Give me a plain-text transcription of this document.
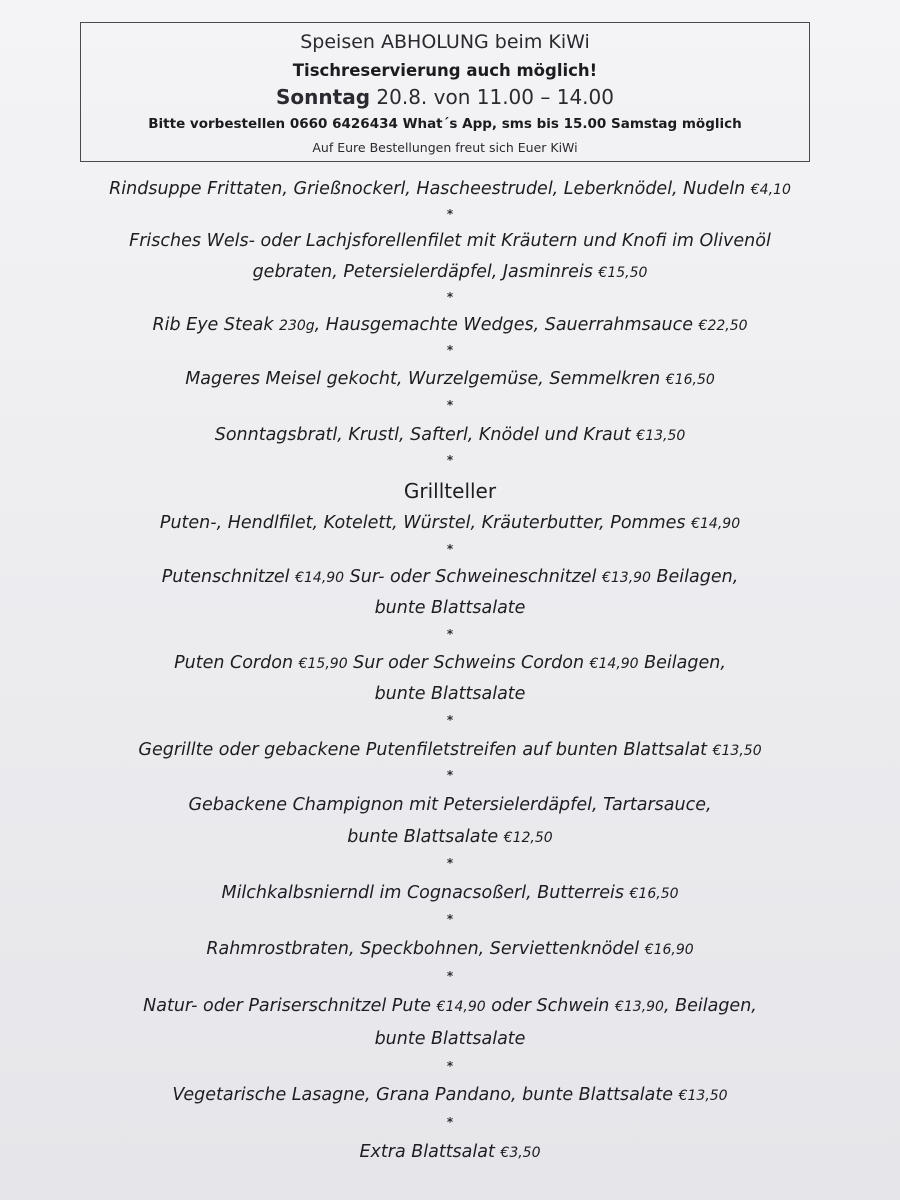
Speisen ABHOLUNG beim KiWi
Tischreservierung auch möglich!
Sonntag 20.8. von 11.00 – 14.00
Bitte vorbestellen 0660 6426434 What´s App, sms bis 15.00 Samstag möglich
Auf Eure Bestellungen freut sich Euer KiWi
Rindsuppe Frittaten, Grießnockerl, Hascheestrudel, Leberknödel, Nudeln €4,10
*
Frisches Wels- oder Lachjsforellenfilet mit Kräutern und Knofi im Olivenöl
gebraten, Petersielerdäpfel, Jasminreis €15,50
*
Rib Eye Steak 230g, Hausgemachte Wedges, Sauerrahmsauce €22,50
*
Mageres Meisel gekocht, Wurzelgemüse, Semmelkren €16,50
*
Sonntagsbratl, Krustl, Safterl, Knödel und Kraut €13,50
*
Grillteller
Puten-, Hendlfilet, Kotelett, Würstel, Kräuterbutter, Pommes €14,90
*
Putenschnitzel €14,90 Sur- oder Schweineschnitzel €13,90 Beilagen,
bunte Blattsalate
*
Puten Cordon €15,90 Sur oder Schweins Cordon €14,90 Beilagen,
bunte Blattsalate
*
Gegrillte oder gebackene Putenfiletstreifen auf bunten Blattsalat €13,50
*
Gebackene Champignon mit Petersielerdäpfel, Tartarsauce,
bunte Blattsalate €12,50
*
Milchkalbsnierndl im Cognacsoßerl, Butterreis €16,50
*
Rahmrostbraten, Speckbohnen, Serviettenknödel €16,90
*
Natur- oder Pariserschnitzel Pute €14,90 oder Schwein €13,90, Beilagen,
bunte Blattsalate
*
Vegetarische Lasagne, Grana Pandano, bunte Blattsalate €13,50
*
Extra Blattsalat €3,50
